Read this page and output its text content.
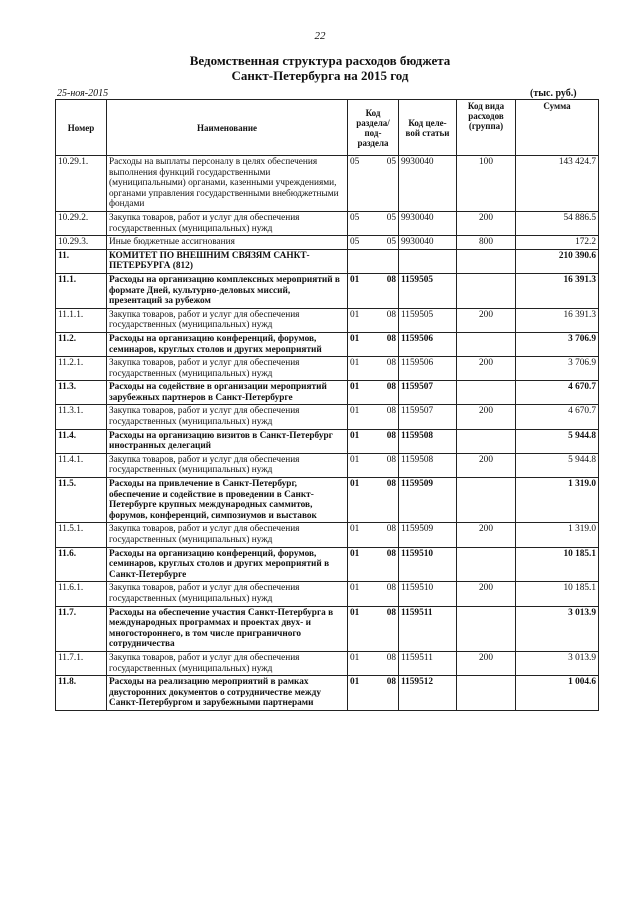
22
Ведомственная структура расходов бюджета
Санкт-Петербурга на 2015 год
25-ноя-2015	(тыс. руб.)
Номер	Наименование	Код раздела/ под- раздела		Код целе- вой статьи	Код вида расходов (группа)	Сумма
10.29.1.	Расходы на выплаты персоналу в целях обеспечения выполнения функций государственными (муниципальными) органами, казенными учреждениями, органами управления государственными внебюджетными фондами	05	05	9930040	100	143 424.7
10.29.2.	Закупка товаров, работ и услуг для обеспечения государственных (муниципальных) нужд	05	05	9930040	200	54 886.5
10.29.3.	Иные бюджетные ассигнования	05	05	9930040	800	172.2
11.	КОМИТЕТ ПО ВНЕШНИМ СВЯЗЯМ САНКТ-ПЕТЕРБУРГА (812)					210 390.6
11.1.	Расходы на организацию комплексных мероприятий в формате Дней, культурно-деловых миссий, презентаций за рубежом	01	08	1159505		16 391.3
11.1.1.	Закупка товаров, работ и услуг для обеспечения государственных (муниципальных) нужд	01	08	1159505	200	16 391.3
11.2.	Расходы на организацию конференций, форумов, семинаров, круглых столов и других мероприятий	01	08	1159506		3 706.9
11.2.1.	Закупка товаров, работ и услуг для обеспечения государственных (муниципальных) нужд	01	08	1159506	200	3 706.9
11.3.	Расходы на содействие в организации мероприятий зарубежных партнеров в Санкт-Петербурге	01	08	1159507		4 670.7
11.3.1.	Закупка товаров, работ и услуг для обеспечения государственных (муниципальных) нужд	01	08	1159507	200	4 670.7
11.4.	Расходы на организацию визитов в Санкт-Петербург иностранных делегаций	01	08	1159508		5 944.8
11.4.1.	Закупка товаров, работ и услуг для обеспечения государственных (муниципальных) нужд	01	08	1159508	200	5 944.8
11.5.	Расходы на привлечение в Санкт-Петербург, обеспечение и содействие в проведении в Санкт-Петербурге крупных международных саммитов, форумов, конференций, симпозиумов и выставок	01	08	1159509		1 319.0
11.5.1.	Закупка товаров, работ и услуг для обеспечения государственных (муниципальных) нужд	01	08	1159509	200	1 319.0
11.6.	Расходы на организацию конференций, форумов, семинаров, круглых столов и других мероприятий в Санкт-Петербурге	01	08	1159510		10 185.1
11.6.1.	Закупка товаров, работ и услуг для обеспечения государственных (муниципальных) нужд	01	08	1159510	200	10 185.1
11.7.	Расходы на обеспечение участия Санкт-Петербурга в международных программах и проектах двух- и многостороннего, в том числе приграничного сотрудничества	01	08	1159511		3 013.9
11.7.1.	Закупка товаров, работ и услуг для обеспечения государственных (муниципальных) нужд	01	08	1159511	200	3 013.9
11.8.	Расходы на реализацию мероприятий в рамках двусторонних документов о сотрудничестве между Санкт-Петербургом и зарубежными партнерами	01	08	1159512		1 004.6
